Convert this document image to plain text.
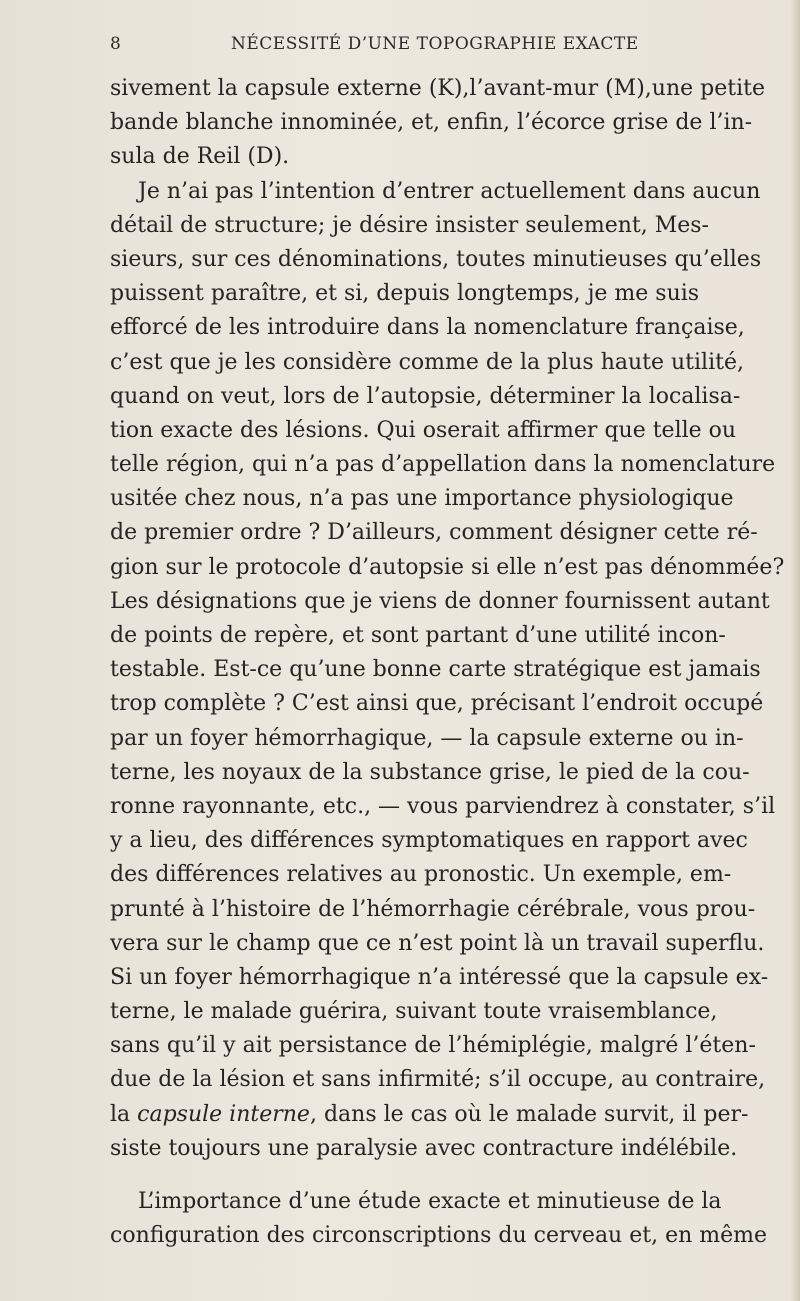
8	NÉCESSITÉ D’UNE TOPOGRAPHIE EXACTE
sivement la capsule externe (K),l’avant-mur (M),une petite
bande blanche innominée, et, enfin, l’écorce grise de l’in-
sula de Reil (D).
Je n’ai pas l’intention d’entrer actuellement dans aucun
détail de structure; je désire insister seulement, Mes-
sieurs, sur ces dénominations, toutes minutieuses qu’elles
puissent paraître, et si, depuis longtemps, je me suis
efforcé de les introduire dans la nomenclature française,
c’est que je les considère comme de la plus haute utilité,
quand on veut, lors de l’autopsie, déterminer la localisa-
tion exacte des lésions. Qui oserait affirmer que telle ou
telle région, qui n’a pas d’appellation dans la nomenclature
usitée chez nous, n’a pas une importance physiologique
de premier ordre ? D’ailleurs, comment désigner cette ré-
gion sur le protocole d’autopsie si elle n’est pas dénommée?
Les désignations que je viens de donner fournissent autant
de points de repère, et sont partant d’une utilité incon-
testable. Est-ce qu’une bonne carte stratégique est jamais
trop complète ? C’est ainsi que, précisant l’endroit occupé
par un foyer hémorrhagique, — la capsule externe ou in-
terne, les noyaux de la substance grise, le pied de la cou-
ronne rayonnante, etc., — vous parviendrez à constater, s’il
y a lieu, des différences symptomatiques en rapport avec
des différences relatives au pronostic. Un exemple, em-
prunté à l’histoire de l’hémorrhagie cérébrale, vous prou-
vera sur le champ que ce n’est point là un travail superflu.
Si un foyer hémorrhagique n’a intéressé que la capsule ex-
terne, le malade guérira, suivant toute vraisemblance,
sans qu’il y ait persistance de l’hémiplégie, malgré l’éten-
due de la lésion et sans infirmité; s’il occupe, au contraire,
la capsule interne, dans le cas où le malade survit, il per-
siste toujours une paralysie avec contracture indélébile.
L’importance d’une étude exacte et minutieuse de la
configuration des circonscriptions du cerveau et, en même
